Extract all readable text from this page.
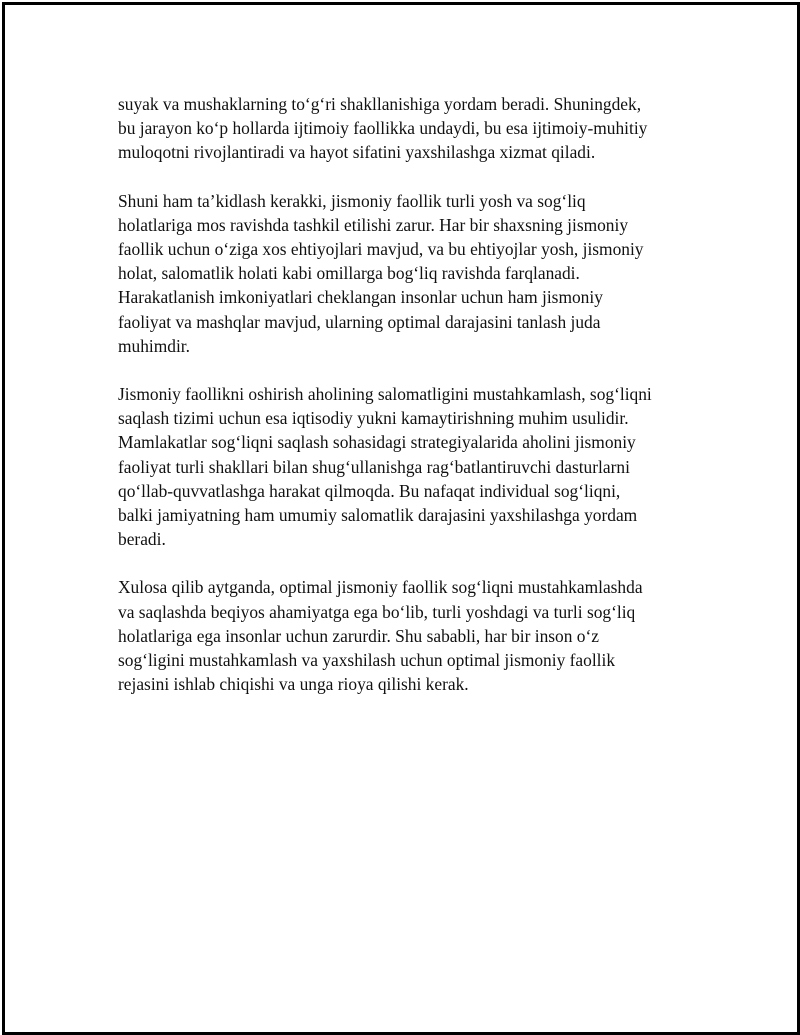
suyak va mushaklarning to‘g‘ri shakllanishiga yordam beradi. Shuningdek,
bu jarayon ko‘p hollarda ijtimoiy faollikka undaydi, bu esa ijtimoiy-muhitiy
muloqotni rivojlantiradi va hayot sifatini yaxshilashga xizmat qiladi.

Shuni ham ta’kidlash kerakki, jismoniy faollik turli yosh va sog‘liq
holatlariga mos ravishda tashkil etilishi zarur. Har bir shaxsning jismoniy
faollik uchun o‘ziga xos ehtiyojlari mavjud, va bu ehtiyojlar yosh, jismoniy
holat, salomatlik holati kabi omillarga bog‘liq ravishda farqlanadi.
Harakatlanish imkoniyatlari cheklangan insonlar uchun ham jismoniy
faoliyat va mashqlar mavjud, ularning optimal darajasini tanlash juda
muhimdir.

Jismoniy faollikni oshirish aholining salomatligini mustahkamlash, sog‘liqni
saqlash tizimi uchun esa iqtisodiy yukni kamaytirishning muhim usulidir.
Mamlakatlar sog‘liqni saqlash sohasidagi strategiyalarida aholini jismoniy
faoliyat turli shakllari bilan shug‘ullanishga rag‘batlantiruvchi dasturlarni
qo‘llab-quvvatlashga harakat qilmoqda. Bu nafaqat individual sog‘liqni,
balki jamiyatning ham umumiy salomatlik darajasini yaxshilashga yordam
beradi.

Xulosa qilib aytganda, optimal jismoniy faollik sog‘liqni mustahkamlashda
va saqlashda beqiyos ahamiyatga ega bo‘lib, turli yoshdagi va turli sog‘liq
holatlariga ega insonlar uchun zarurdir. Shu sababli, har bir inson o‘z
sog‘ligini mustahkamlash va yaxshilash uchun optimal jismoniy faollik
rejasini ishlab chiqishi va unga rioya qilishi kerak.
